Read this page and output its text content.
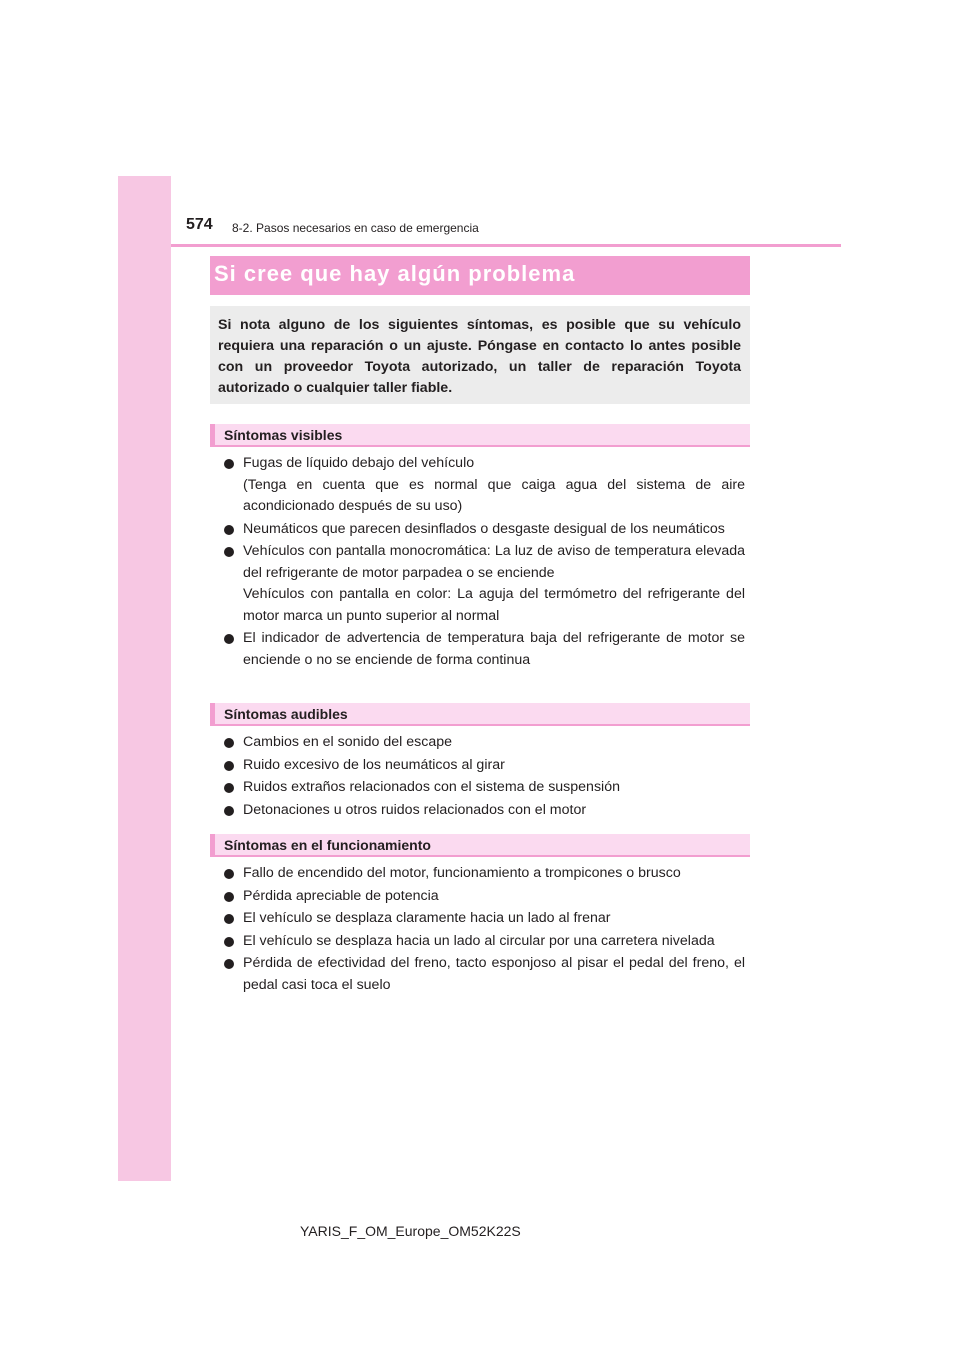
574 8-2. Pasos necesarios en caso de emergencia
Si cree que hay algún problema

Si nota alguno de los siguientes síntomas, es posible que su vehículo requiera una reparación o un ajuste. Póngase en contacto lo antes posible con un proveedor Toyota autorizado, un taller de reparación Toyota autorizado o cualquier taller fiable.

Síntomas visibles
Fugas de líquido debajo del vehículo
(Tenga en cuenta que es normal que caiga agua del sistema de aire acondicionado después de su uso)
Neumáticos que parecen desinflados o desgaste desigual de los neumáticos
Vehículos con pantalla monocromática: La luz de aviso de temperatura elevada del refrigerante de motor parpadea o se enciende
Vehículos con pantalla en color: La aguja del termómetro del refrigerante del motor marca un punto superior al normal
El indicador de advertencia de temperatura baja del refrigerante de motor se enciende o no se enciende de forma continua
Síntomas audibles
Cambios en el sonido del escape
Ruido excesivo de los neumáticos al girar
Ruidos extraños relacionados con el sistema de suspensión
Detonaciones u otros ruidos relacionados con el motor
Síntomas en el funcionamiento
Fallo de encendido del motor, funcionamiento a trompicones o brusco
Pérdida apreciable de potencia
El vehículo se desplaza claramente hacia un lado al frenar
El vehículo se desplaza hacia un lado al circular por una carretera nivelada
Pérdida de efectividad del freno, tacto esponjoso al pisar el pedal del freno, el pedal casi toca el suelo
YARIS_F_OM_Europe_OM52K22S
